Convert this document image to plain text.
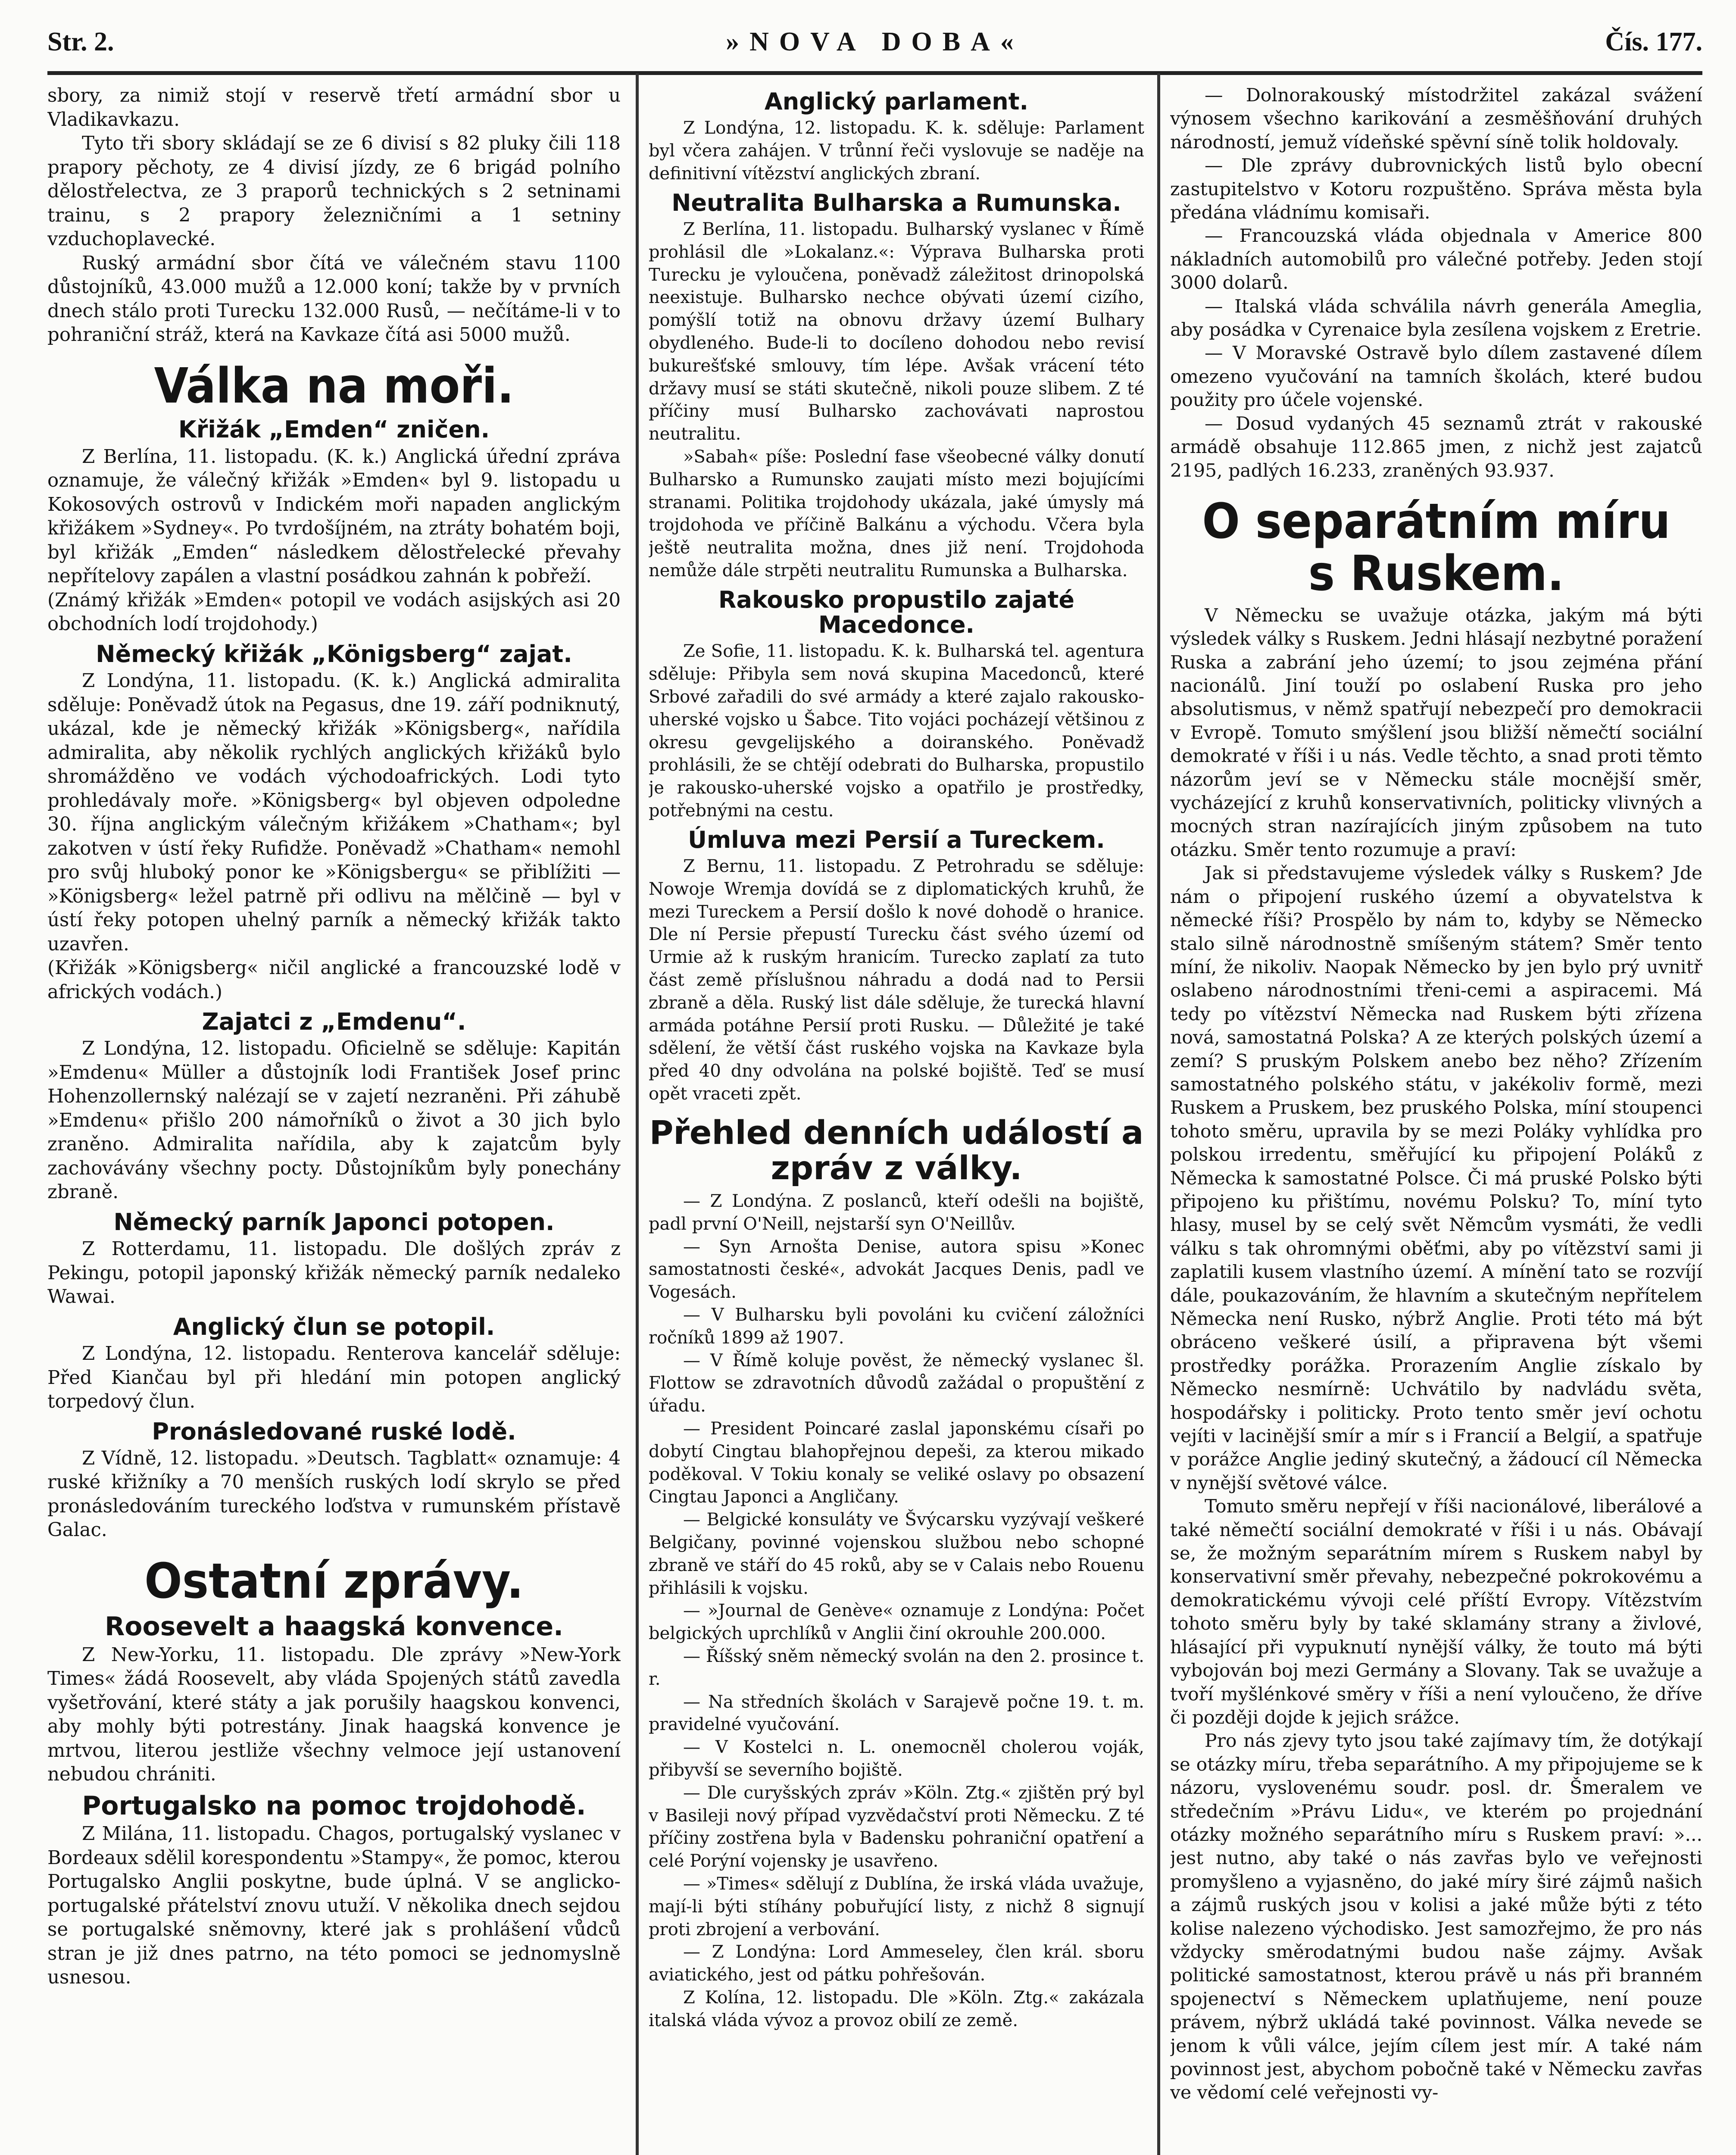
Str. 2.	»NOVA DOBA«	Čís. 177.

sbory, za nimiž stojí v reservě třetí armádní sbor u Vladikavkazu.

Tyto tři sbory skládají se ze 6 divisí s 82 pluky čili 118 prapory pěchoty, ze 4 divisí jízdy, ze 6 brigád polního dělostřelectva, ze 3 praporů technických s 2 setninami trainu, s 2 prapory železničními a 1 setniny vzduchoplavecké.

Ruský armádní sbor čítá ve válečném stavu 1100 důstojníků, 43.000 mužů a 12.000 koní; takže by v prvních dnech stálo proti Turecku 132.000 Rusů, — nečítáme-li v to pohraniční stráž, která na Kavkaze čítá asi 5000 mužů.

Válka na moři.
Křižák „Emden“ zničen.

Z Berlína, 11. listopadu. (K. k.) Anglická úřední zpráva oznamuje, že válečný křižák »Emden« byl 9. listopadu u Kokosových ostrovů v Indickém moři napaden anglickým křižákem »Sydney«. Po tvrdošíjném, na ztráty bohatém boji, byl křižák „Emden“ následkem dělostřelecké převahy nepřítelovy zapálen a vlastní posádkou zahnán k pobřeží.

(Známý křižák »Emden« potopil ve vodách asijských asi 20 obchodních lodí trojdohody.)

Německý křižák „Königsberg“ zajat.

Z Londýna, 11. listopadu. (K. k.) Anglická admiralita sděluje: Poněvadž útok na Pegasus, dne 19. září podniknutý, ukázal, kde je německý křižák »Königsberg«, nařídila admiralita, aby několik rychlých anglických křižáků bylo shromážděno ve vodách východoafrických. Lodi tyto prohledávaly moře. »Königsberg« byl objeven odpoledne 30. října anglickým válečným křižákem »Chatham«; byl zakotven v ústí řeky Rufidže. Poněvadž »Chatham« nemohl pro svůj hluboký ponor ke »Königsbergu« se přiblížiti — »Königsberg« ležel patrně při odlivu na mělčině — byl v ústí řeky potopen uhelný parník a německý křižák takto uzavřen.

(Křižák »Königsberg« ničil anglické a francouzské lodě v afrických vodách.)

Zajatci z „Emdenu“.

Z Londýna, 12. listopadu. Oficielně se sděluje: Kapitán »Emdenu« Müller a důstojník lodi František Josef princ Hohenzollernský nalézají se v zajetí nezraněni. Při záhubě »Emdenu« přišlo 200 námořníků o život a 30 jich bylo zraněno. Admiralita nařídila, aby k zajatcům byly zachovávány všechny pocty. Důstojníkům byly ponechány zbraně.

Německý parník Japonci potopen.

Z Rotterdamu, 11. listopadu. Dle došlých zpráv z Pekingu, potopil japonský křižák německý parník nedaleko Wawai.

Anglický člun se potopil.

Z Londýna, 12. listopadu. Renterova kancelář sděluje: Před Kiančau byl při hledání min potopen anglický torpedový člun.

Pronásledované ruské lodě.

Z Vídně, 12. listopadu. »Deutsch. Tagblatt« oznamuje: 4 ruské křižníky a 70 menších ruských lodí skrylo se před pronásledováním tureckého loďstva v rumunském přístavě Galac.

Ostatní zprávy.
Roosevelt a haagská konvence.

Z New-Yorku, 11. listopadu. Dle zprávy »New-York Times« žádá Roosevelt, aby vláda Spojených států zavedla vyšetřování, které státy a jak porušily haagskou konvenci, aby mohly býti potrestány. Jinak haagská konvence je mrtvou, literou jestliže všechny velmoce její ustanovení nebudou chrániti.

Portugalsko na pomoc trojdohodě.

Z Milána, 11. listopadu. Chagos, portugalský vyslanec v Bordeaux sdělil korespondentu »Stampy«, že pomoc, kterou Portugalsko Anglii poskytne, bude úplná. V se anglicko-portugalské přátelství znovu utuží. V několika dnech sejdou se portugalské sněmovny, které jak s prohlášení vůdců stran je již dnes patrno, na této pomoci se jednomyslně usnesou.

Anglický parlament.

Z Londýna, 12. listopadu. K. k. sděluje: Parlament byl včera zahájen. V trůnní řeči vyslovuje se naděje na definitivní vítězství anglických zbraní.

Neutralita Bulharska a Rumunska.

Z Berlína, 11. listopadu. Bulharský vyslanec v Římě prohlásil dle »Lokalanz.«: Výprava Bulharska proti Turecku je vyloučena, poněvadž záležitost drinopolská neexistuje. Bulharsko nechce obývati území cizího, pomýšlí totiž na obnovu državy území Bulhary obydleného. Bude-li to docíleno dohodou nebo revisí bukurešťské smlouvy, tím lépe. Avšak vrácení této državy musí se státi skutečně, nikoli pouze slibem. Z té příčiny musí Bulharsko zachovávati naprostou neutralitu.

»Sabah« píše: Poslední fase všeobecné války donutí Bulharsko a Rumunsko zaujati místo mezi bojujícími stranami. Politika trojdohody ukázala, jaké úmysly má trojdohoda ve příčině Balkánu a východu. Včera byla ještě neutralita možna, dnes již není. Trojdohoda nemůže dále strpěti neutralitu Rumunska a Bulharska.

Rakousko propustilo zajaté Macedonce.

Ze Sofie, 11. listopadu. K. k. Bulharská tel. agentura sděluje: Přibyla sem nová skupina Macedonců, které Srbové zařadili do své armády a které zajalo rakousko-uherské vojsko u Šabce. Tito vojáci pocházejí většinou z okresu gevgelijského a doiranského. Poněvadž prohlásili, že se chtějí odebrati do Bulharska, propustilo je rakousko-uherské vojsko a opatřilo je prostředky, potřebnými na cestu.

Úmluva mezi Persií a Tureckem.

Z Bernu, 11. listopadu. Z Petrohradu se sděluje: Nowoje Wremja dovídá se z diplomatických kruhů, že mezi Tureckem a Persií došlo k nové dohodě o hranice. Dle ní Persie přepustí Turecku část svého území od Urmie až k ruským hranicím. Turecko zaplatí za tuto část země příslušnou náhradu a dodá nad to Persii zbraně a děla. Ruský list dále sděluje, že turecká hlavní armáda potáhne Persií proti Rusku. — Důležité je také sdělení, že větší část ruského vojska na Kavkaze byla před 40 dny odvolána na polské bojiště. Teď se musí opět vraceti zpět.

Přehled denních událostí a zpráv z války.

— Z Londýna. Z poslanců, kteří odešli na bojiště, padl první O'Neill, nejstarší syn O'Neillův.

— Syn Arnošta Denise, autora spisu »Konec samostatnosti české«, advokát Jacques Denis, padl ve Vogesách.

— V Bulharsku byli povoláni ku cvičení záložníci ročníků 1899 až 1907.

— V Římě koluje pověst, že německý vyslanec šl. Flottow se zdravotních důvodů zažádal o propuštění z úřadu.

— President Poincaré zaslal japonskému císaři po dobytí Cingtau blahopřejnou depeši, za kterou mikado poděkoval. V Tokiu konaly se veliké oslavy po obsazení Cingtau Japonci a Angličany.

— Belgické konsuláty ve Švýcarsku vyzývají veškeré Belgičany, povinné vojenskou službou nebo schopné zbraně ve stáří do 45 roků, aby se v Calais nebo Rouenu přihlásili k vojsku.

— »Journal de Genève« oznamuje z Londýna: Počet belgických uprchlíků v Anglii činí okrouhle 200.000.

— Říšský sněm německý svolán na den 2. prosince t. r.

— Na středních školách v Sarajevě počne 19. t. m. pravidelné vyučování.

— V Kostelci n. L. onemocněl cholerou voják, přibyvší se severního bojiště.

— Dle curyšských zpráv »Köln. Ztg.« zjištěn prý byl v Basileji nový případ vyzvědačství proti Německu. Z té příčiny zostřena byla v Badensku pohraniční opatření a celé Porýní vojensky je usavřeno.

— »Times« sdělují z Dublína, že irská vláda uvažuje, mají-li býti stíhány pobuřující listy, z nichž 8 signují proti zbrojení a verbování.

— Z Londýna: Lord Ammeseley, člen král. sboru aviatického, jest od pátku pohřešován.

Z Kolína, 12. listopadu. Dle »Köln. Ztg.« zakázala italská vláda vývoz a provoz obilí ze země.

— Dolnorakouský místodržitel zakázal svážení výnosem všechno karikování a zesměšňování druhých národností, jemuž vídeňské spěvní síně tolik holdovaly.

— Dle zprávy dubrovnických listů bylo obecní zastupitelstvo v Kotoru rozpuštěno. Správa města byla předána vládnímu komisaři.

— Francouzská vláda objednala v Americe 800 nákladních automobilů pro válečné potřeby. Jeden stojí 3000 dolarů.

— Italská vláda schválila návrh generála Ameglia, aby posádka v Cyrenaice byla zesílena vojskem z Eretrie.

— V Moravské Ostravě bylo dílem zastavené dílem omezeno vyučování na tamních školách, které budou použity pro účele vojenské.

— Dosud vydaných 45 seznamů ztrát v rakouské armádě obsahuje 112.865 jmen, z nichž jest zajatců 2195, padlých 16.233, zraněných 93.937.

O separátním míru s Ruskem.

V Německu se uvažuje otázka, jakým má býti výsledek války s Ruskem. Jedni hlásají nezbytné poražení Ruska a zabrání jeho území; to jsou zejména přání nacionálů. Jiní touží po oslabení Ruska pro jeho absolutismus, v němž spatřují nebezpečí pro demokracii v Evropě. Tomuto smýšlení jsou bližší němečtí sociální demokraté v říši i u nás. Vedle těchto, a snad proti těmto názorům jeví se v Německu stále mocnější směr, vycházející z kruhů konservativních, politicky vlivných a mocných stran nazírajících jiným způsobem na tuto otázku. Směr tento rozumuje a praví:

Jak si představujeme výsledek války s Ruskem? Jde nám o připojení ruského území a obyvatelstva k německé říši? Prospělo by nám to, kdyby se Německo stalo silně národnostně smíšeným státem? Směr tento míní, že nikoliv. Naopak Německo by jen bylo prý uvnitř oslabeno národnostními třeni-cemi a aspiracemi. Má tedy po vítězství Německa nad Ruskem býti zřízena nová, samostatná Polska? A ze kterých polských území a zemí? S pruským Polskem anebo bez něho? Zřízením samostatného polského státu, v jakékoliv formě, mezi Ruskem a Pruskem, bez pruského Polska, míní stoupenci tohoto směru, upravila by se mezi Poláky vyhlídka pro polskou irredentu, směřující ku připojení Poláků z Německa k samostatné Polsce. Či má pruské Polsko býti připojeno ku přištímu, novému Polsku? To, míní tyto hlasy, musel by se celý svět Němcům vysmáti, že vedli válku s tak ohromnými oběťmi, aby po vítězství sami ji zaplatili kusem vlastního území. A mínění tato se rozvíjí dále, poukazováním, že hlavním a skutečným nepřítelem Německa není Rusko, nýbrž Anglie. Proti této má být obráceno veškeré úsilí, a připravena být všemi prostředky porážka. Prorazením Anglie získalo by Německo nesmírně: Uchvátilo by nadvládu světa, hospodářsky i politicky. Proto tento směr jeví ochotu vejíti v lacinější smír a mír s i Francií a Belgií, a spatřuje v porážce Anglie jediný skutečný, a žádoucí cíl Německa v nynější světové válce.

Tomuto směru nepřejí v říši nacionálové, liberálové a také němečtí sociální demokraté v říši i u nás. Obávají se, že možným separátním mírem s Ruskem nabyl by konservativní směr převahy, nebezpečné pokrokovému a demokratickému vývoji celé příští Evropy. Vítězstvím tohoto směru byly by také sklamány strany a živlové, hlásající při vypuknutí nynější války, že touto má býti vybojován boj mezi Germány a Slovany. Tak se uvažuje a tvoří myšlénkové směry v říši a není vyloučeno, že dříve či později dojde k jejich srážce.

Pro nás zjevy tyto jsou také zajímavy tím, že dotýkají se otázky míru, třeba separátního. A my připojujeme se k názoru, vyslovenému soudr. posl. dr. Šmeralem ve středečním »Právu Lidu«, ve kterém po projednání otázky možného separátního míru s Ruskem praví: »... jest nutno, aby také o nás zavřas bylo ve veřejnosti promyšleno a vyjasněno, do jaké míry širé zájmů našich a zájmů ruských jsou v kolisi a jaké může býti z této kolise nalezeno východisko. Jest samozřejmo, že pro nás vždycky směrodatnými budou naše zájmy. Avšak politické samostatnost, kterou právě u nás při branném spojenectví s Německem uplatňujeme, není pouze právem, nýbrž ukládá také povinnost. Válka nevede se jenom k vůli válce, jejím cílem jest mír. A také nám povinnost jest, abychom pobočně také v Německu zavřas ve vědomí celé veřejnosti vy-
